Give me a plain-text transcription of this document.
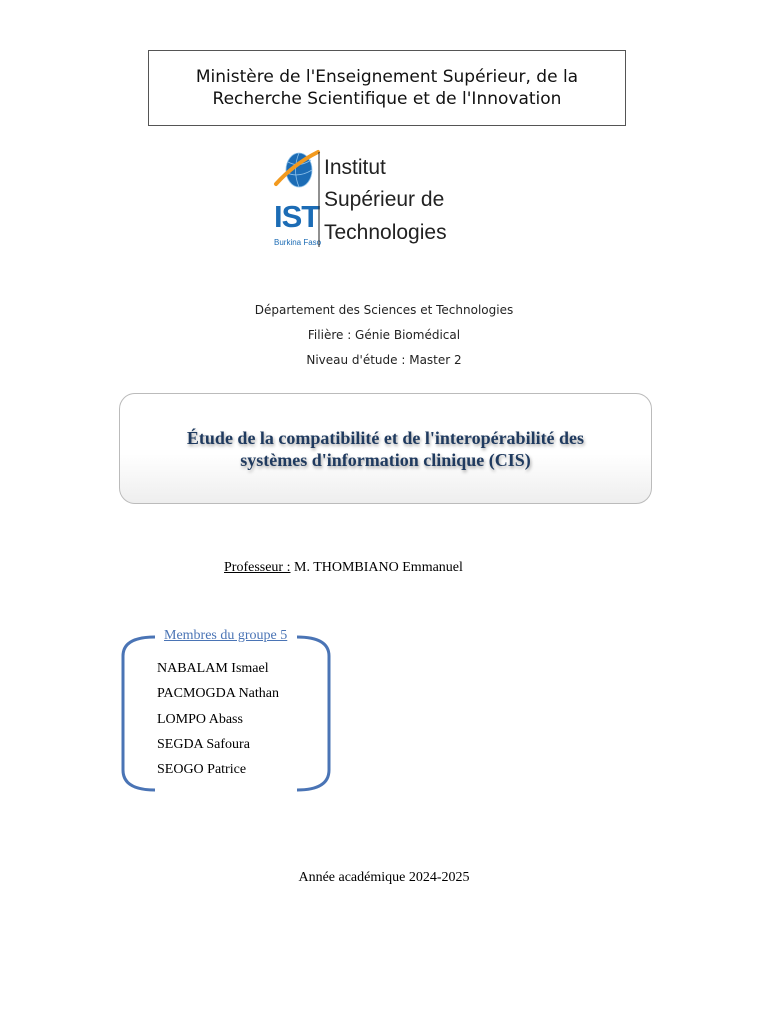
Ministère de l'Enseignement Supérieur, de la
Recherche Scientifique et de l'Innovation
IST
Burkina Faso
Institut
Supérieur de
Technologies
Département des Sciences et Technologies
Filière : Génie Biomédical
Niveau d'étude : Master 2
Étude de la compatibilité et de l'interopérabilité des
systèmes d'information clinique (CIS)
Professeur : M. THOMBIANO Emmanuel
Membres du groupe 5
NABALAM Ismael
PACMOGDA Nathan
LOMPO Abass
SEGDA Safoura
SEOGO Patrice
Année académique 2024-2025
